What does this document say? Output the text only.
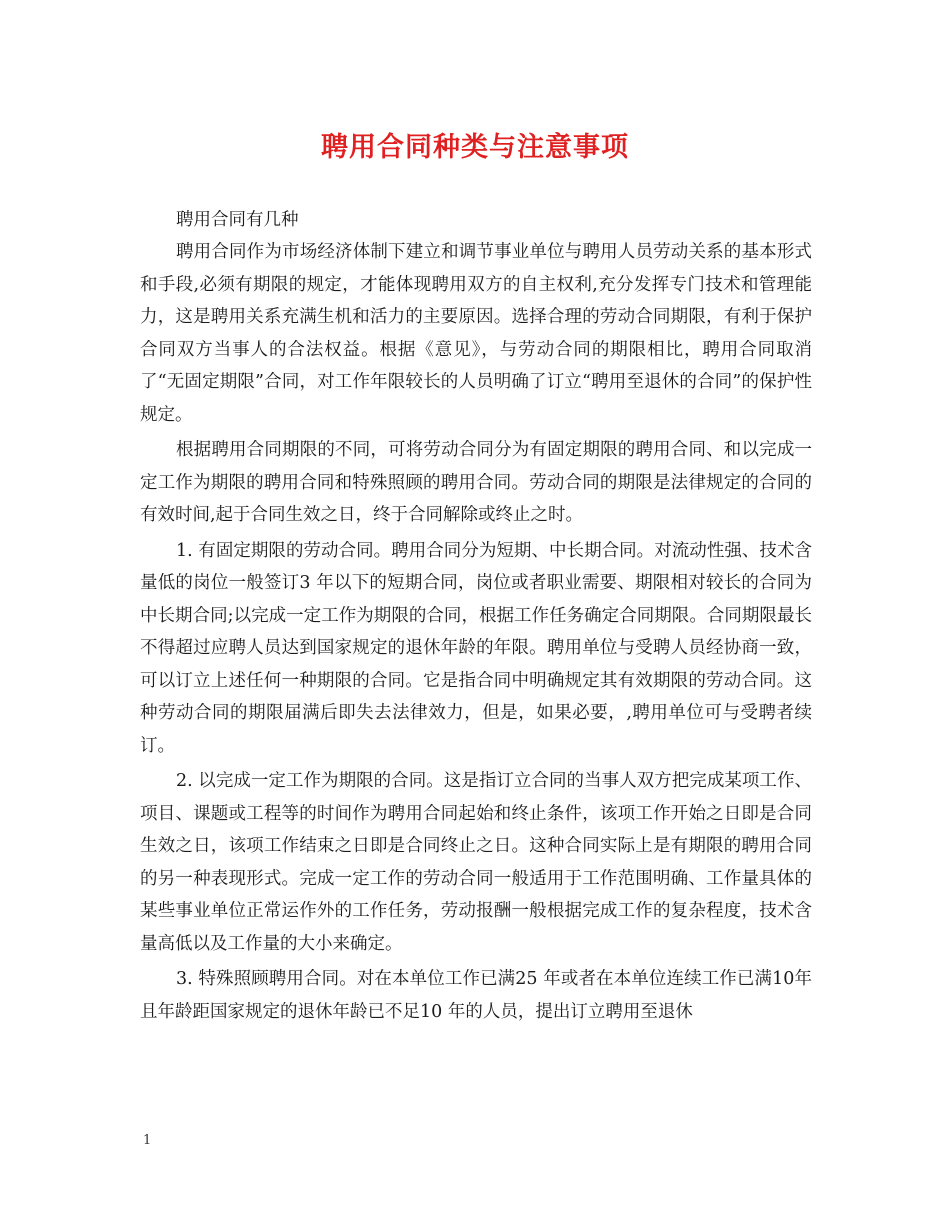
聘用合同种类与注意事项
聘用合同有几种

聘用合同作为市场经济体制下建立和调节事业单位与聘用人员劳动关系的基本形式和手段,必须有期限的规定，才能体现聘用双方的自主权利,充分发挥专门技术和管理能力，这是聘用关系充满生机和活力的主要原因。选择合理的劳动合同期限，有利于保护合同双方当事人的合法权益。根据《意见》，与劳动合同的期限相比，聘用合同取消了“无固定期限”合同，对工作年限较长的人员明确了订立“聘用至退休的合同”的保护性规定。

根据聘用合同期限的不同，可将劳动合同分为有固定期限的聘用合同、和以完成一定工作为期限的聘用合同和特殊照顾的聘用合同。劳动合同的期限是法律规定的合同的有效时间,起于合同生效之日，终于合同解除或终止之时。

1. 有固定期限的劳动合同。聘用合同分为短期、中长期合同。对流动性强、技术含量低的岗位一般签订3 年以下的短期合同，岗位或者职业需要、期限相对较长的合同为中长期合同;以完成一定工作为期限的合同，根据工作任务确定合同期限。合同期限最长不得超过应聘人员达到国家规定的退休年龄的年限。聘用单位与受聘人员经协商一致，可以订立上述任何一种期限的合同。它是指合同中明确规定其有效期限的劳动合同。这种劳动合同的期限届满后即失去法律效力，但是，如果必要，,聘用单位可与受聘者续订。

2. 以完成一定工作为期限的合同。这是指订立合同的当事人双方把完成某项工作、项目、课题或工程等的时间作为聘用合同起始和终止条件，该项工作开始之日即是合同生效之日，该项工作结束之日即是合同终止之日。这种合同实际上是有期限的聘用合同的另一种表现形式。完成一定工作的劳动合同一般适用于工作范围明确、工作量具体的某些事业单位正常运作外的工作任务，劳动报酬一般根据完成工作的复杂程度，技术含量高低以及工作量的大小来确定。

3. 特殊照顾聘用合同。对在本单位工作已满25 年或者在本单位连续工作已满10年且年龄距国家规定的退休年龄已不足10 年的人员，提出订立聘用至退休

1
